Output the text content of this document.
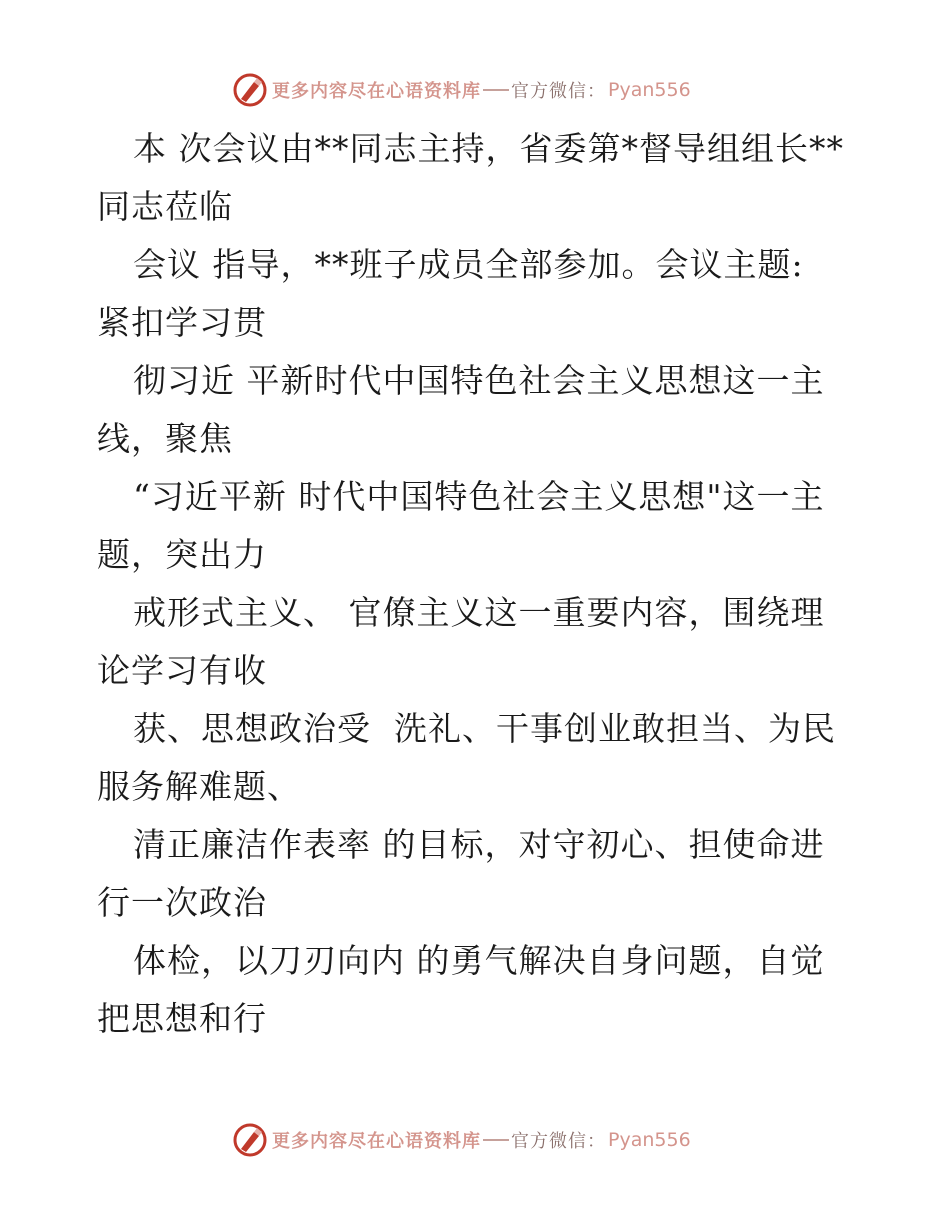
更多内容尽在心语资料库 官方微信： Pyan556
本 次会议由**同志主持，省委第*督导组组长**
同志莅临
会议 指导，**班子成员全部参加。会议主题:
紧扣学习贯
彻习近 平新时代中国特色社会主义思想这一主
线，聚焦
“习近平新 时代中国特色社会主义思想"这一主
题，突出力
戒形式主义、 官僚主义这一重要内容，围绕理
论学习有收
获、思想政治受  洗礼、干事创业敢担当、为民
服务解难题、
清正廉洁作表率 的目标，对守初心、担使命进
行一次政治
体检，以刀刃向内 的勇气解决自身问题，自觉
把思想和行
更多内容尽在心语资料库 官方微信： Pyan556
